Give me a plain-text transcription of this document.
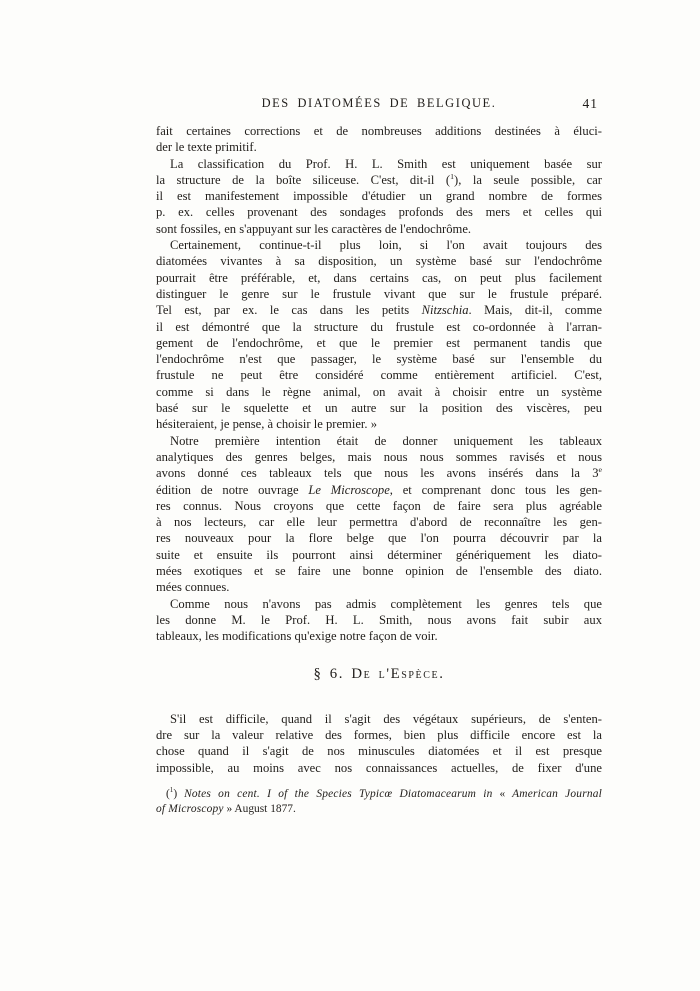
DES DIATOMÉES DE BELGIQUE.	41
fait certaines corrections et de nombreuses additions destinées à éluci-
der le texte primitif.
La classification du Prof. H. L. Smith est uniquement basée sur
la structure de la boîte siliceuse. C'est, dit-il ($^1$), la seule possible, car
il est manifestement impossible d'étudier un grand nombre de formes
p. ex. celles provenant des sondages profonds des mers et celles qui
sont fossiles, en s'appuyant sur les caractères de l'endochrôme.
Certainement, continue-t-il plus loin, si l'on avait toujours des
diatomées vivantes à sa disposition, un système basé sur l'endochrôme
pourrait être préférable, et, dans certains cas, on peut plus facilement
distinguer le genre sur le frustule vivant que sur le frustule préparé.
Tel est, par ex. le cas dans les petits Nitzschia. Mais, dit-il, comme
il est démontré que la structure du frustule est co-ordonnée à l'arran-
gement de l'endochrôme, et que le premier est permanent tandis que
l'endochrôme n'est que passager, le système basé sur l'ensemble du
frustule ne peut être considéré comme entièrement artificiel. C'est,
comme si dans le règne animal, on avait à choisir entre un système
basé sur le squelette et un autre sur la position des viscères, peu
hésiteraient, je pense, à choisir le premier. »
Notre première intention était de donner uniquement les tableaux
analytiques des genres belges, mais nous nous sommes ravisés et nous
avons donné ces tableaux tels que nous les avons insérés dans la 3e
édition de notre ouvrage Le Microscope, et comprenant donc tous les gen-
res connus. Nous croyons que cette façon de faire sera plus agréable
à nos lecteurs, car elle leur permettra d'abord de reconnaître les gen-
res nouveaux pour la flore belge que l'on pourra découvrir par la
suite et ensuite ils pourront ainsi déterminer génériquement les diato-
mées exotiques et se faire une bonne opinion de l'ensemble des diato.
mées connues.
Comme nous n'avons pas admis complètement les genres tels que
les donne M. le Prof. H. L. Smith, nous avons fait subir aux
tableaux, les modifications qu'exige notre façon de voir.
§ 6. De l'Espèce.
S'il est difficile, quand il s'agit des végétaux supérieurs, de s'enten-
dre sur la valeur relative des formes, bien plus difficile encore est la
chose quand il s'agit de nos minuscules diatomées et il est presque
impossible, au moins avec nos connaissances actuelles, de fixer d'une
($^1$) Notes on cent. I of the Species Typicœ Diatomacearum in « American Journal
of Microscopy » August 1877.
